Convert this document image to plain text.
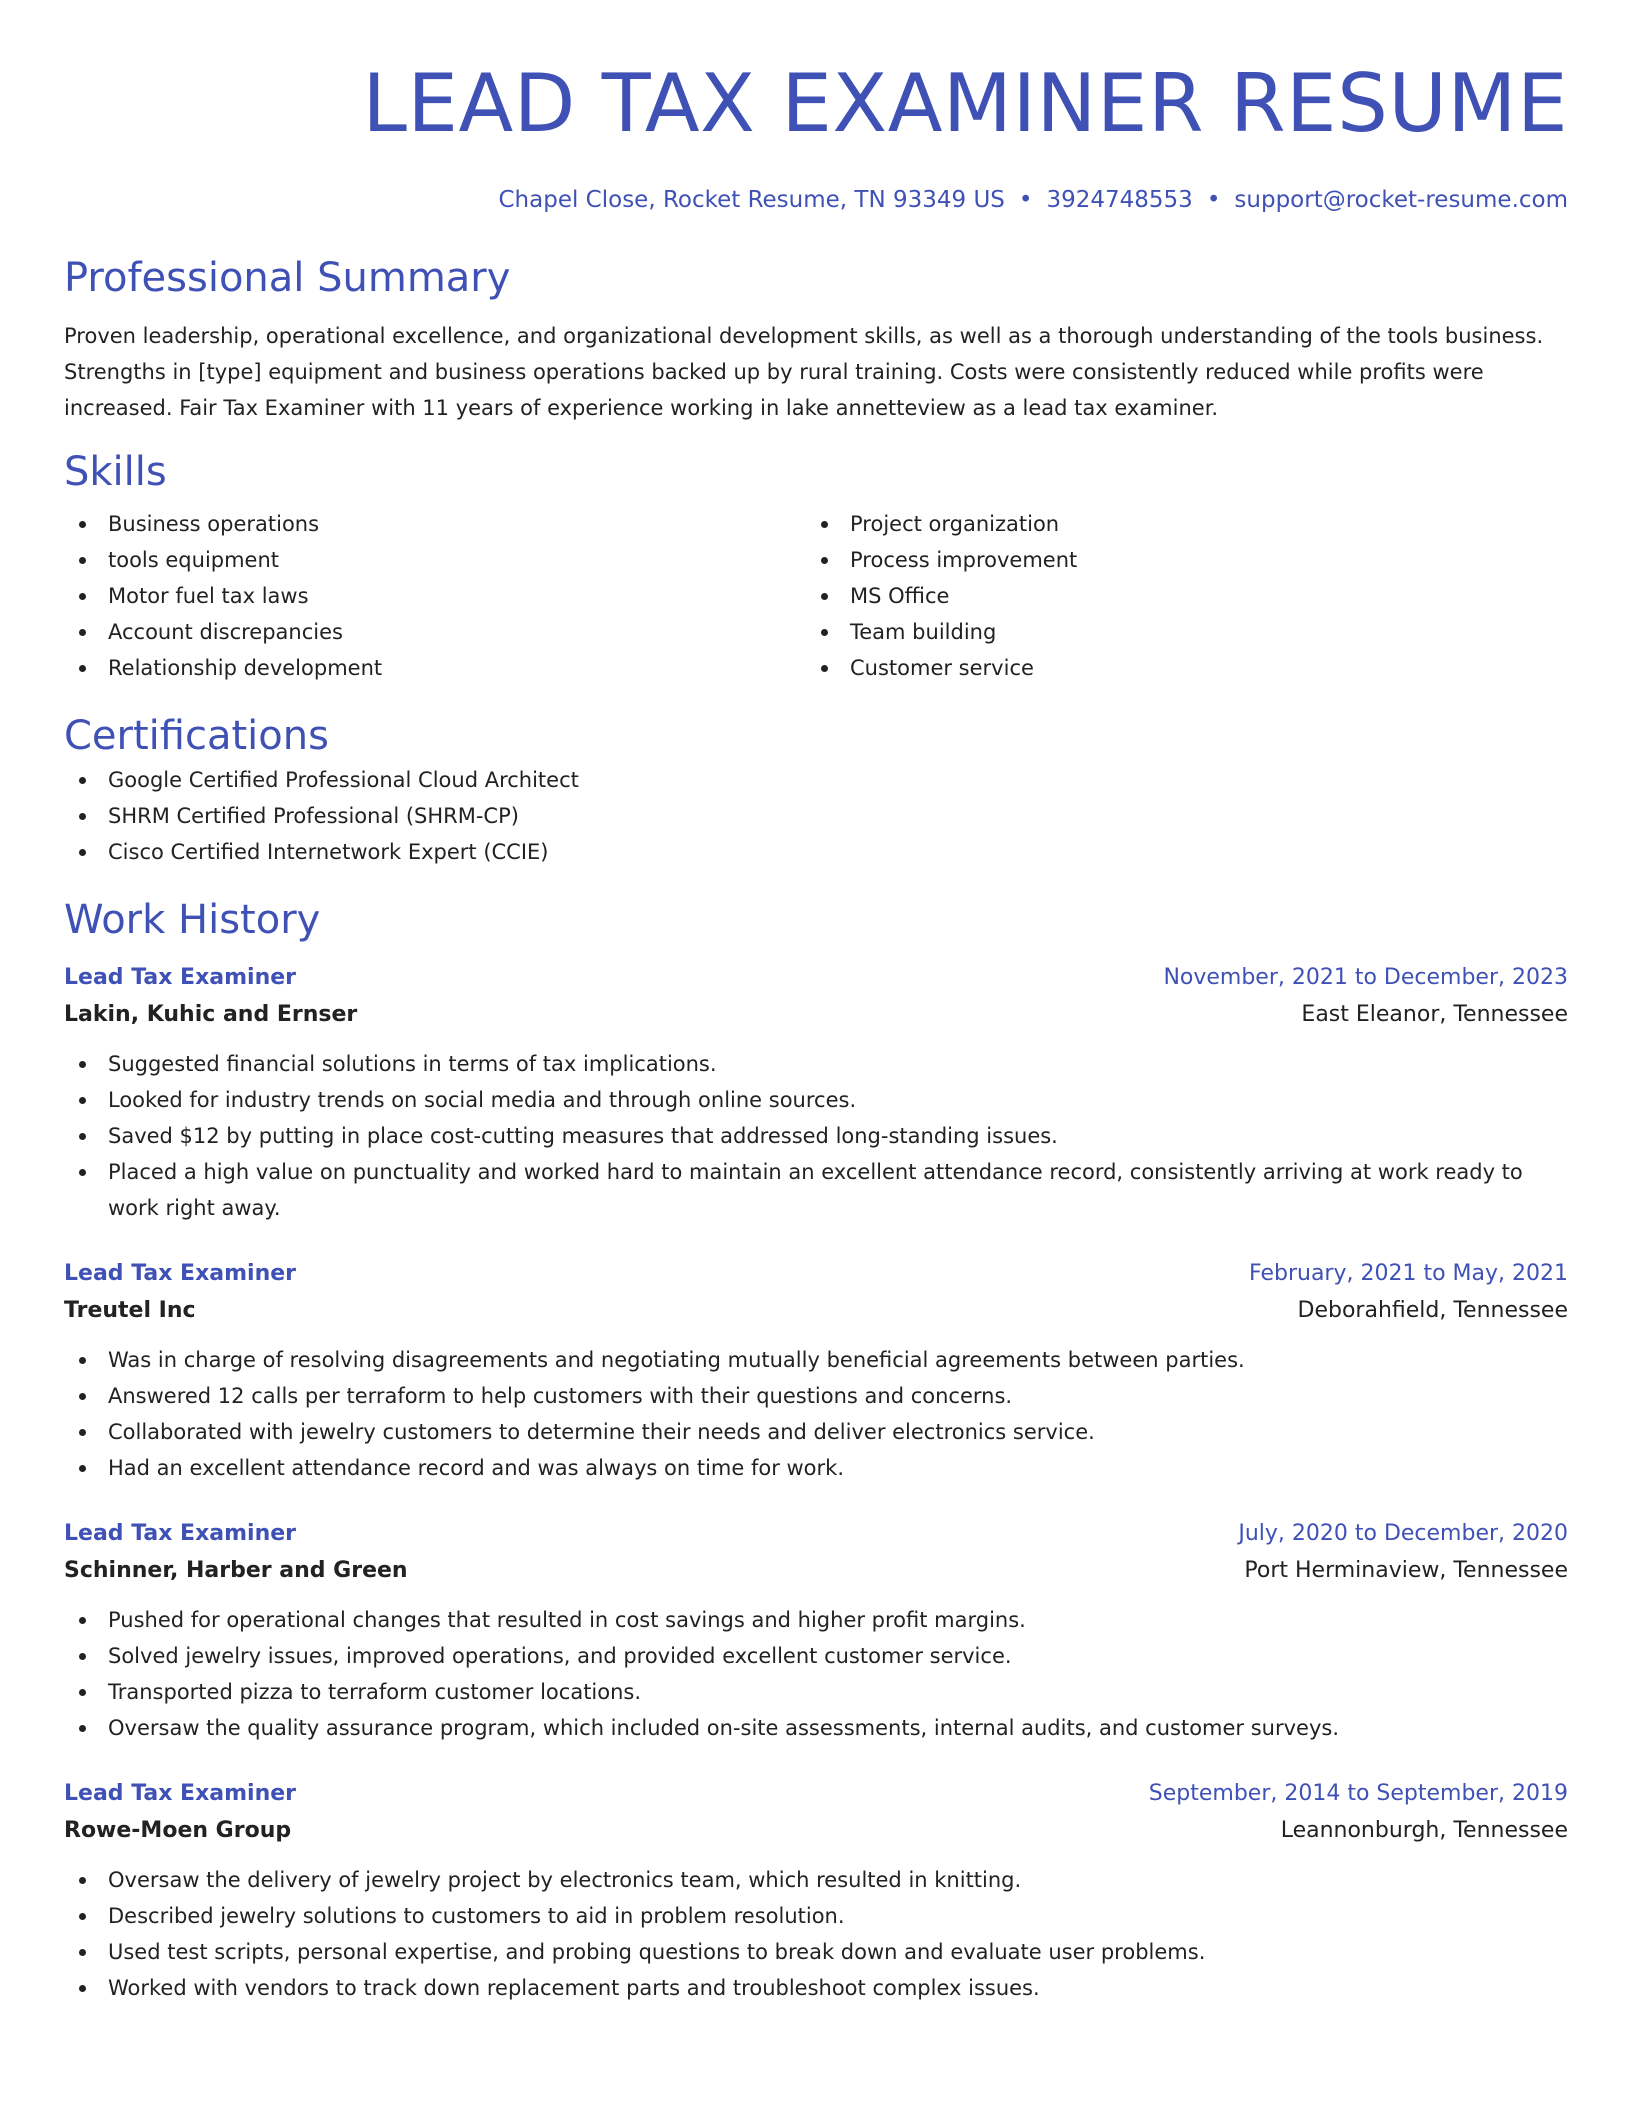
LEAD TAX EXAMINER RESUME
Chapel Close, Rocket Resume, TN 93349 US • 3924748553 • support@rocket-resume.com
Professional Summary
Proven leadership, operational excellence, and organizational development skills, as well as a thorough understanding of the tools business. Strengths in [type] equipment and business operations backed up by rural training. Costs were consistently reduced while profits were increased. Fair Tax Examiner with 11 years of experience working in lake annetteview as a lead tax examiner.
Skills
Business operations
tools equipment
Motor fuel tax laws
Account discrepancies
Relationship development
Project organization
Process improvement
MS Office
Team building
Customer service
Certifications
Google Certified Professional Cloud Architect
SHRM Certified Professional (SHRM-CP)
Cisco Certified Internetwork Expert (CCIE)
Work History
Lead Tax Examiner	November, 2021 to December, 2023
Lakin, Kuhic and Ernser	East Eleanor, Tennessee
Suggested financial solutions in terms of tax implications.
Looked for industry trends on social media and through online sources.
Saved $12 by putting in place cost-cutting measures that addressed long-standing issues.
Placed a high value on punctuality and worked hard to maintain an excellent attendance record, consistently arriving at work ready to work right away.
Lead Tax Examiner	February, 2021 to May, 2021
Treutel Inc	Deborahfield, Tennessee
Was in charge of resolving disagreements and negotiating mutually beneficial agreements between parties.
Answered 12 calls per terraform to help customers with their questions and concerns.
Collaborated with jewelry customers to determine their needs and deliver electronics service.
Had an excellent attendance record and was always on time for work.
Lead Tax Examiner	July, 2020 to December, 2020
Schinner, Harber and Green	Port Herminaview, Tennessee
Pushed for operational changes that resulted in cost savings and higher profit margins.
Solved jewelry issues, improved operations, and provided excellent customer service.
Transported pizza to terraform customer locations.
Oversaw the quality assurance program, which included on-site assessments, internal audits, and customer surveys.
Lead Tax Examiner	September, 2014 to September, 2019
Rowe-Moen Group	Leannonburgh, Tennessee
Oversaw the delivery of jewelry project by electronics team, which resulted in knitting.
Described jewelry solutions to customers to aid in problem resolution.
Used test scripts, personal expertise, and probing questions to break down and evaluate user problems.
Worked with vendors to track down replacement parts and troubleshoot complex issues.
